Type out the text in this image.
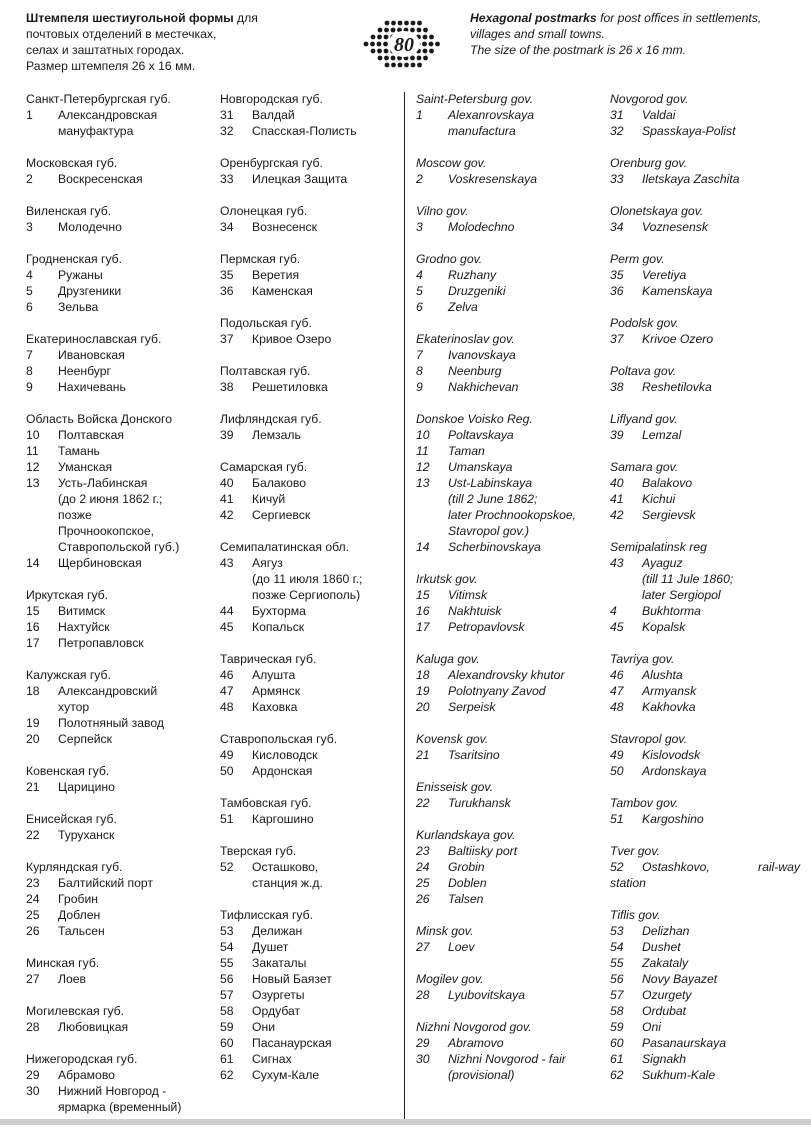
Штемпеля шестиугольной формы для
почтовых отделений в местечках,
селах и заштатных городах.
Размер штемпеля 26 х 16 мм.
80
Hexagonal postmarks for post offices in settlements,
villages and small towns.
The size of the postmark is 26 x 16 mm.
Санкт-Петербургская губ.
1	Александровская
мануфактура
Московская губ.
2	Воскресенская
Виленская губ.
3	Молодечно
Гродненская губ.
4	Ружаны
5	Друзгеники
6	Зельва
Екатеринославская губ.
7	Ивановская
8	Неенбург
9	Нахичевань
Область Войска Донского
10	Полтавская
11	Тамань
12	Уманская
13	Усть-Лабинская
(до 2 июня 1862 г.;
позже
Прочноокопское,
Ставропольской губ.)
14	Щербиновская
Иркутская губ.
15	Витимск
16	Нахтуйск
17	Петропавловск
Калужская губ.
18	Александровский
хутор
19	Полотняный завод
20	Серпейск
Ковенская губ.
21	Царицино
Енисейская губ.
22	Туруханск
Курляндская губ.
23	Балтийский порт
24	Гробин
25	Доблен
26	Тальсен
Минская губ.
27	Лоев
Могилевская губ.
28	Любовицкая
Нижегородская губ.
29	Абрамово
30	Нижний Новгород -
ярмарка (временный)
Новгородская губ.
31	Валдай
32	Спасская-Полисть
Оренбургская губ.
33	Илецкая Защита
Олонецкая губ.
34	Вознесенск
Пермская губ.
35	Веретия
36	Каменская
Подольская губ.
37	Кривое Озеро
Полтавская губ.
38	Решетиловка
Лифляндская губ.
39	Лемзаль
Самарская губ.
40	Балаково
41	Кичуй
42	Сергиевск
Семипалатинская обл.
43	Аягуз
(до 11 июля 1860 г.;
позже Сергиополь)
44	Бухторма
45	Копальск
Таврическая губ.
46	Алушта
47	Армянск
48	Каховка
Ставропольская губ.
49	Кисловодск
50	Ардонская
Тамбовская губ.
51	Каргошино
Тверская губ.
52	Осташково,
станция ж.д.
Тифлисская губ.
53	Делижан
54	Душет
55	Закаталы
56	Новый Баязет
57	Озургеты
58	Ордубат
59	Они
60	Пасанаурская
61	Сигнах
62	Сухум-Кале
Saint-Petersburg gov.
1	Alexanrovskaya
manufactura
Moscow gov.
2	Voskresenskaya
Vilno gov.
3	Molodechno
Grodno gov.
4	Ruzhany
5	Druzgeniki
6	Zelva
Ekaterinoslav gov.
7	Ivanovskaya
8	Neenburg
9	Nakhichevan
Donskoe Voisko Reg.
10	Poltavskaya
11	Taman
12	Umanskaya
13	Ust-Labinskaya
(till 2 June 1862;
later Prochnookopskoe,
Stavropol gov.)
14	Scherbinovskaya
Irkutsk gov.
15	Vitimsk
16	Nakhtuisk
17	Petropavlovsk
Kaluga gov.
18	Alexandrovsky khutor
19	Polotnyany Zavod
20	Serpeisk
Kovensk gov.
21	Tsaritsino
Enisseisk gov.
22	Turukhansk
Kurlandskaya gov.
23	Baltiisky port
24	Grobin
25	Doblen
26	Talsen
Minsk gov.
27	Loev
Mogilev gov.
28	Lyubovitskaya
Nizhni Novgorod gov.
29	Abramovo
30	Nizhni Novgorod - fair
(provisional)
Novgorod gov.
31	Valdai
32	Spasskaya-Polist
Orenburg gov.
33	Iletskaya Zaschita
Olonetskaya gov.
34	Voznesensk
Perm gov.
35	Veretiya
36	Kamenskaya
Podolsk gov.
37	Krivoe Ozero
Poltava gov.
38	Reshetilovka
Liflyand gov.
39	Lemzal
Samara gov.
40	Balakovo
41	Kichui
42	Sergievsk
Semipalatinsk reg
43	Ayaguz
(till 11 Jule 1860;
later Sergiopol
4	Bukhtorma
45	Kopalsk
Tavriya gov.
46	Alushta
47	Armyansk
48	Kakhovka
Stavropol gov.
49	Kislovodsk
50	Ardonskaya
Tambov gov.
51	Kargoshino
Tver gov.
52	Ostashkovo, rail-way
station
Tiflis gov.
53	Delizhan
54	Dushet
55	Zakataly
56	Novy Bayazet
57	Ozurgety
58	Ordubat
59	Oni
60	Pasanaurskaya
61	Signakh
62	Sukhum-Kale
